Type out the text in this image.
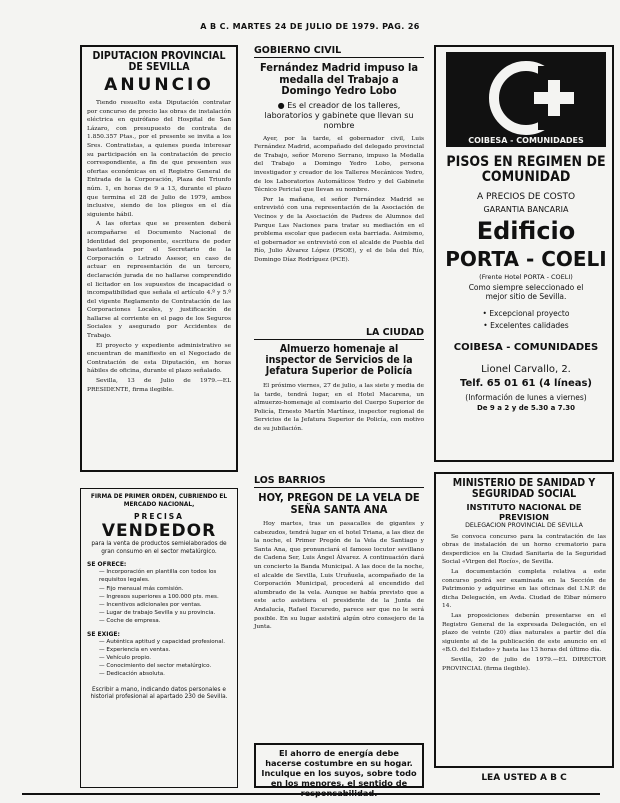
A B C. MARTES 24 DE JULIO DE 1979. PAG. 26
DIPUTACION PROVINCIAL DE SEVILLA
ANUNCIO

Tiendo resuelto esta Diputación contratar por concurso de precio las obras de instalación eléctrica en quirófano del Hospital de San Lázaro, con presupuesto de contrata de 1.850.357 Ptas., por el presente se invita a los Sres. Contratistas, a quienes pueda interesar su participación en la contratación de precio correspondiente, a fin de que presenten sus ofertas económicas en el Registro General de Entrada de la Corporación, Plaza del Triunfo núm. 1, en horas de 9 a 13, durante el plazo que termina el 28 de Julio de 1979, ambos inclusive, siendo de los pliegos en el día siguiente hábil.

A las ofertas que se presenten deberá acompañarse el Documento Nacional de Identidad del proponente, escritura de poder bastanteada por el Secretario de la Corporación o Letrado Asesor, en caso de actuar en representación de un tercero, declaración jurada de no hallarse comprendido el licitador en los supuestos de incapacidad o incompatibilidad que señala el artículo 4.º y 5.º del vigente Reglamento de Contratación de las Corporaciones Locales, y justificación de hallarse al corriente en el pago de los Seguros Sociales y asegurado por Accidentes de Trabajo.

El proyecto y expediente administrativo se encuentran de manifiesto en el Negociado de Contratación de esta Diputación, en horas hábiles de oficina, durante el plazo señalado.

Sevilla, 13 de Julio de 1979.—EL PRESIDENTE, firma ilegible.

FIRMA DE PRIMER ORDEN, CUBRIENDO EL MERCADO NACIONAL,
PRECISA
VENDEDOR
para la venta de productos semielaborados de gran consumo en el sector metalúrgico.
SE OFRECE:
— Incorporación en plantilla con todos los requisitos legales.
— Fijo mensual más comisión.
— Ingresos superiores a 100.000 pts. mes.
— Incentivos adicionales por ventas.
— Lugar de trabajo Sevilla y su provincia.
— Coche de empresa.
SE EXIGE:
— Auténtica aptitud y capacidad profesional.
— Experiencia en ventas.
— Vehículo propio.
— Conocimiento del sector metalúrgico.
— Dedicación absoluta.
Escribir a mano, indicando datos personales e historial profesional al apartado 230 de Sevilla.
GOBIERNO CIVIL
Fernández Madrid impuso la medalla del Trabajo a Domingo Yedro Lobo
● Es el creador de los talleres, laboratorios y gabinete que llevan su nombre

Ayer, por la tarde, el gobernador civil, Luis Fernández Madrid, acompañado del delegado provincial de Trabajo, señor Moreno Serrano, impuso la Medalla del Trabajo a Domingo Yedro Lobo, persona investigador y creador de los Talleres Mecánicos Yedro, de los Laboratorios Automáticos Yedro y del Gabinete Técnico Pericial que llevan su nombre.

Por la mañana, el señor Fernández Madrid se entrevistó con una representación de la Asociación de Vecinos y de la Asociación de Padres de Alumnos del Parque Las Naciones para tratar su mediación en el problema escolar que padecen esta barriada. Asimismo, el gobernador se entrevistó con el alcalde de Puebla del Río, Julio Álvarez López (PSOE), y el de Isla del Río, Domingo Díaz Rodríguez (PCE).

LA CIUDAD
Almuerzo homenaje al inspector de Servicios de la Jefatura Superior de Policía

El próximo viernes, 27 de julio, a las siete y media de la tarde, tendrá lugar, en el Hotel Macarena, un almuerzo-homenaje al comisario del Cuerpo Superior de Policía, Ernesto Martín Martínez, inspector regional de Servicios de la Jefatura Superior de Policía, con motivo de su jubilación.

LOS BARRIOS
HOY, PREGON DE LA VELA DE SEÑA SANTA ANA

Hoy martes, tras un pasacalles de gigantes y cabezudos, tendrá lugar en el hotel Triana, a las diez de la noche, el Primer Pregón de la Vela de Santiago y Santa Ana, que pronunciará el famoso locutor sevillano de Cadena Ser, Luis Ángel Álvarez. A continuación dará un concierto la Banda Municipal. A las doce de la noche, el alcalde de Sevilla, Luis Uruñuela, acompañado de la Corporación Municipal, procederá al encendido del alumbrado de la vela. Aunque se había previsto que a este acto asistiera el presidente de la Junta de Andalucía, Rafael Escuredo, parece ser que no le será posible. En su lugar asistirá algún otro consejero de la Junta.

El ahorro de energía debe hacerse costumbre en su hogar. Inculque en los suyos, sobre todo en los menores, el sentido de responsabilidad.
COIBESA - COMUNIDADES
PISOS EN REGIMEN DE COMUNIDAD
A PRECIOS DE COSTO
GARANTIA BANCARIA
Edificio
PORTA - COELI
(Frente Hotel PORTA - COELI)
Como siempre seleccionado el mejor sitio de Sevilla.
• Excepcional proyecto
• Excelentes calidades
COIBESA - COMUNIDADES
Lionel Carvallo, 2.
Telf. 65 01 61 (4 líneas)
(Información de lunes a viernes)
De 9 a 2 y de 5.30 a 7.30
MINISTERIO DE SANIDAD Y SEGURIDAD SOCIAL
INSTITUTO NACIONAL DE PREVISION
DELEGACION PROVINCIAL DE SEVILLA

Se convoca concurso para la contratación de las obras de instalación de un horno crematorio para desperdicios en la Ciudad Sanitaria de la Seguridad Social «Virgen del Rocío», de Sevilla.

La documentación completa relativa a este concurso podrá ser examinada en la Sección de Patrimonio y adquirirse en las oficinas del I.N.P. de dicha Delegación, en Avda. Ciudad de Eibar número 14.

Las proposiciones deberán presentarse en el Registro General de la expresada Delegación, en el plazo de veinte (20) días naturales a partir del día siguiente al de la publicación de este anuncio en el «B.O. del Estado» y hasta las 13 horas del último día.

Sevilla, 20 de julio de 1979.—EL DIRECTOR PROVINCIAL (firma ilegible).

LEA USTED A B C
